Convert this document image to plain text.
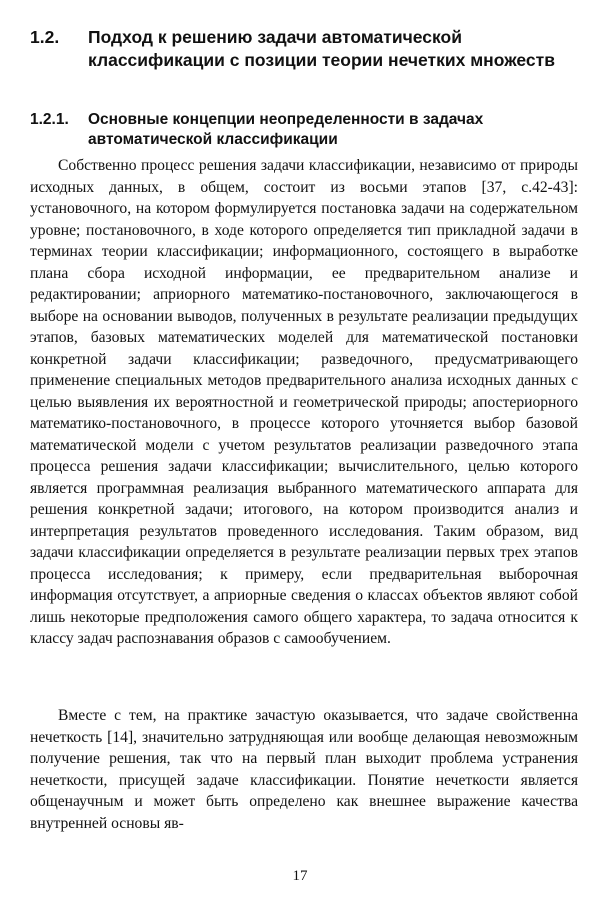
1.2. Подход к решению задачи автоматической классификации с позиции теории нечетких множеств
1.2.1. Основные концепции неопределенности в задачах автоматической классификации

Собственно процесс решения задачи классификации, независимо от природы исходных данных, в общем, состоит из восьми этапов [37, с.42-43]: установочного, на котором формулируется постановка задачи на содержательном уровне; постановочного, в ходе которого определяется тип прикладной задачи в терминах теории классификации; информационного, состоящего в выработке плана сбора исходной информации, ее предварительном анализе и редактировании; априорного математико-постановочного, заключающегося в выборе на основании выводов, полученных в результате реализации предыдущих этапов, базовых математических моделей для математической постановки конкретной задачи классификации; разведочного, предусматривающего применение специальных методов предварительного анализа исходных данных с целью выявления их вероятностной и геометрической природы; апостериорного математико-постановочного, в процессе которого уточняется выбор базовой математической модели с учетом результатов реализации разведочного этапа процесса решения задачи классификации; вычислительного, целью которого является программная реализация выбранного математического аппарата для решения конкретной задачи; итогового, на котором производится анализ и интерпретация результатов проведенного исследования. Таким образом, вид задачи классификации определяется в результате реализации первых трех этапов процесса исследования; к примеру, если предварительная выборочная информация отсутствует, а априорные сведения о классах объектов являют собой лишь некоторые предположения самого общего характера, то задача относится к классу задач распознавания образов с самообучением.

Вместе с тем, на практике зачастую оказывается, что задаче свойственна нечеткость [14], значительно затрудняющая или вообще делающая невозможным получение решения, так что на первый план выходит проблема устранения нечеткости, присущей задаче классификации. Понятие нечеткости является общенаучным и может быть определено как внешнее выражение качества внутренней основы яв-

17
